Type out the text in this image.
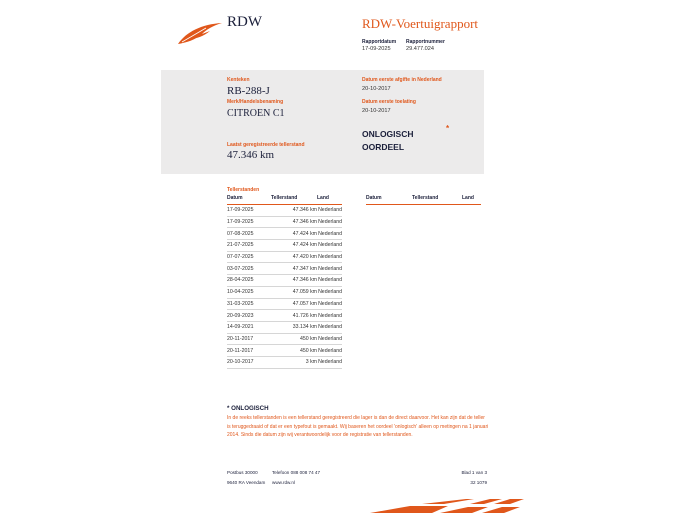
RDW	RDW-Voertuigrapport
Rapportdatum
17-09-2025
Rapportnummer
29.477.024
Kenteken
RB-288-J
Merk/Handelsbenaming
CITROEN C1
Laatst geregistreerde tellerstand
47.346 km
Datum eerste afgifte in Nederland
20-10-2017
Datum eerste toelating
20-10-2017
ONLOGISCH OORDEEL
*
Tellerstanden
Datum	Tellerstand	Land
17-09-2025	47.346 km	Nederland
17-09-2025	47.346 km	Nederland
07-08-2025	47.424 km	Nederland
21-07-2025	47.424 km	Nederland
07-07-2025	47.420 km	Nederland
03-07-2025	47.347 km	Nederland
28-04-2025	47.346 km	Nederland
10-04-2025	47.059 km	Nederland
31-03-2025	47.057 km	Nederland
20-09-2023	41.726 km	Nederland
14-09-2021	33.134 km	Nederland
20-11-2017	450 km	Nederland
20-11-2017	450 km	Nederland
20-10-2017	3 km	Nederland
Datum	Tellerstand	Land
* ONLOGISCH
In de reeks tellerstanden is een tellerstand geregistreerd die lager is dan de direct daarvoor. Het kan zijn dat de teller is teruggedraaid of dat er een typefout is gemaakt. Wij baseren het oordeel 'onlogisch' alleen op metingen na 1 januari 2014. Sinds die datum zijn wij verantwoordelijk voor de registratie van tellerstanden.
Postbus 30000
9640 RA Veendam
Telefoon 088 008 74 47
www.rdw.nl
Blad 1 van 3
32 1079
